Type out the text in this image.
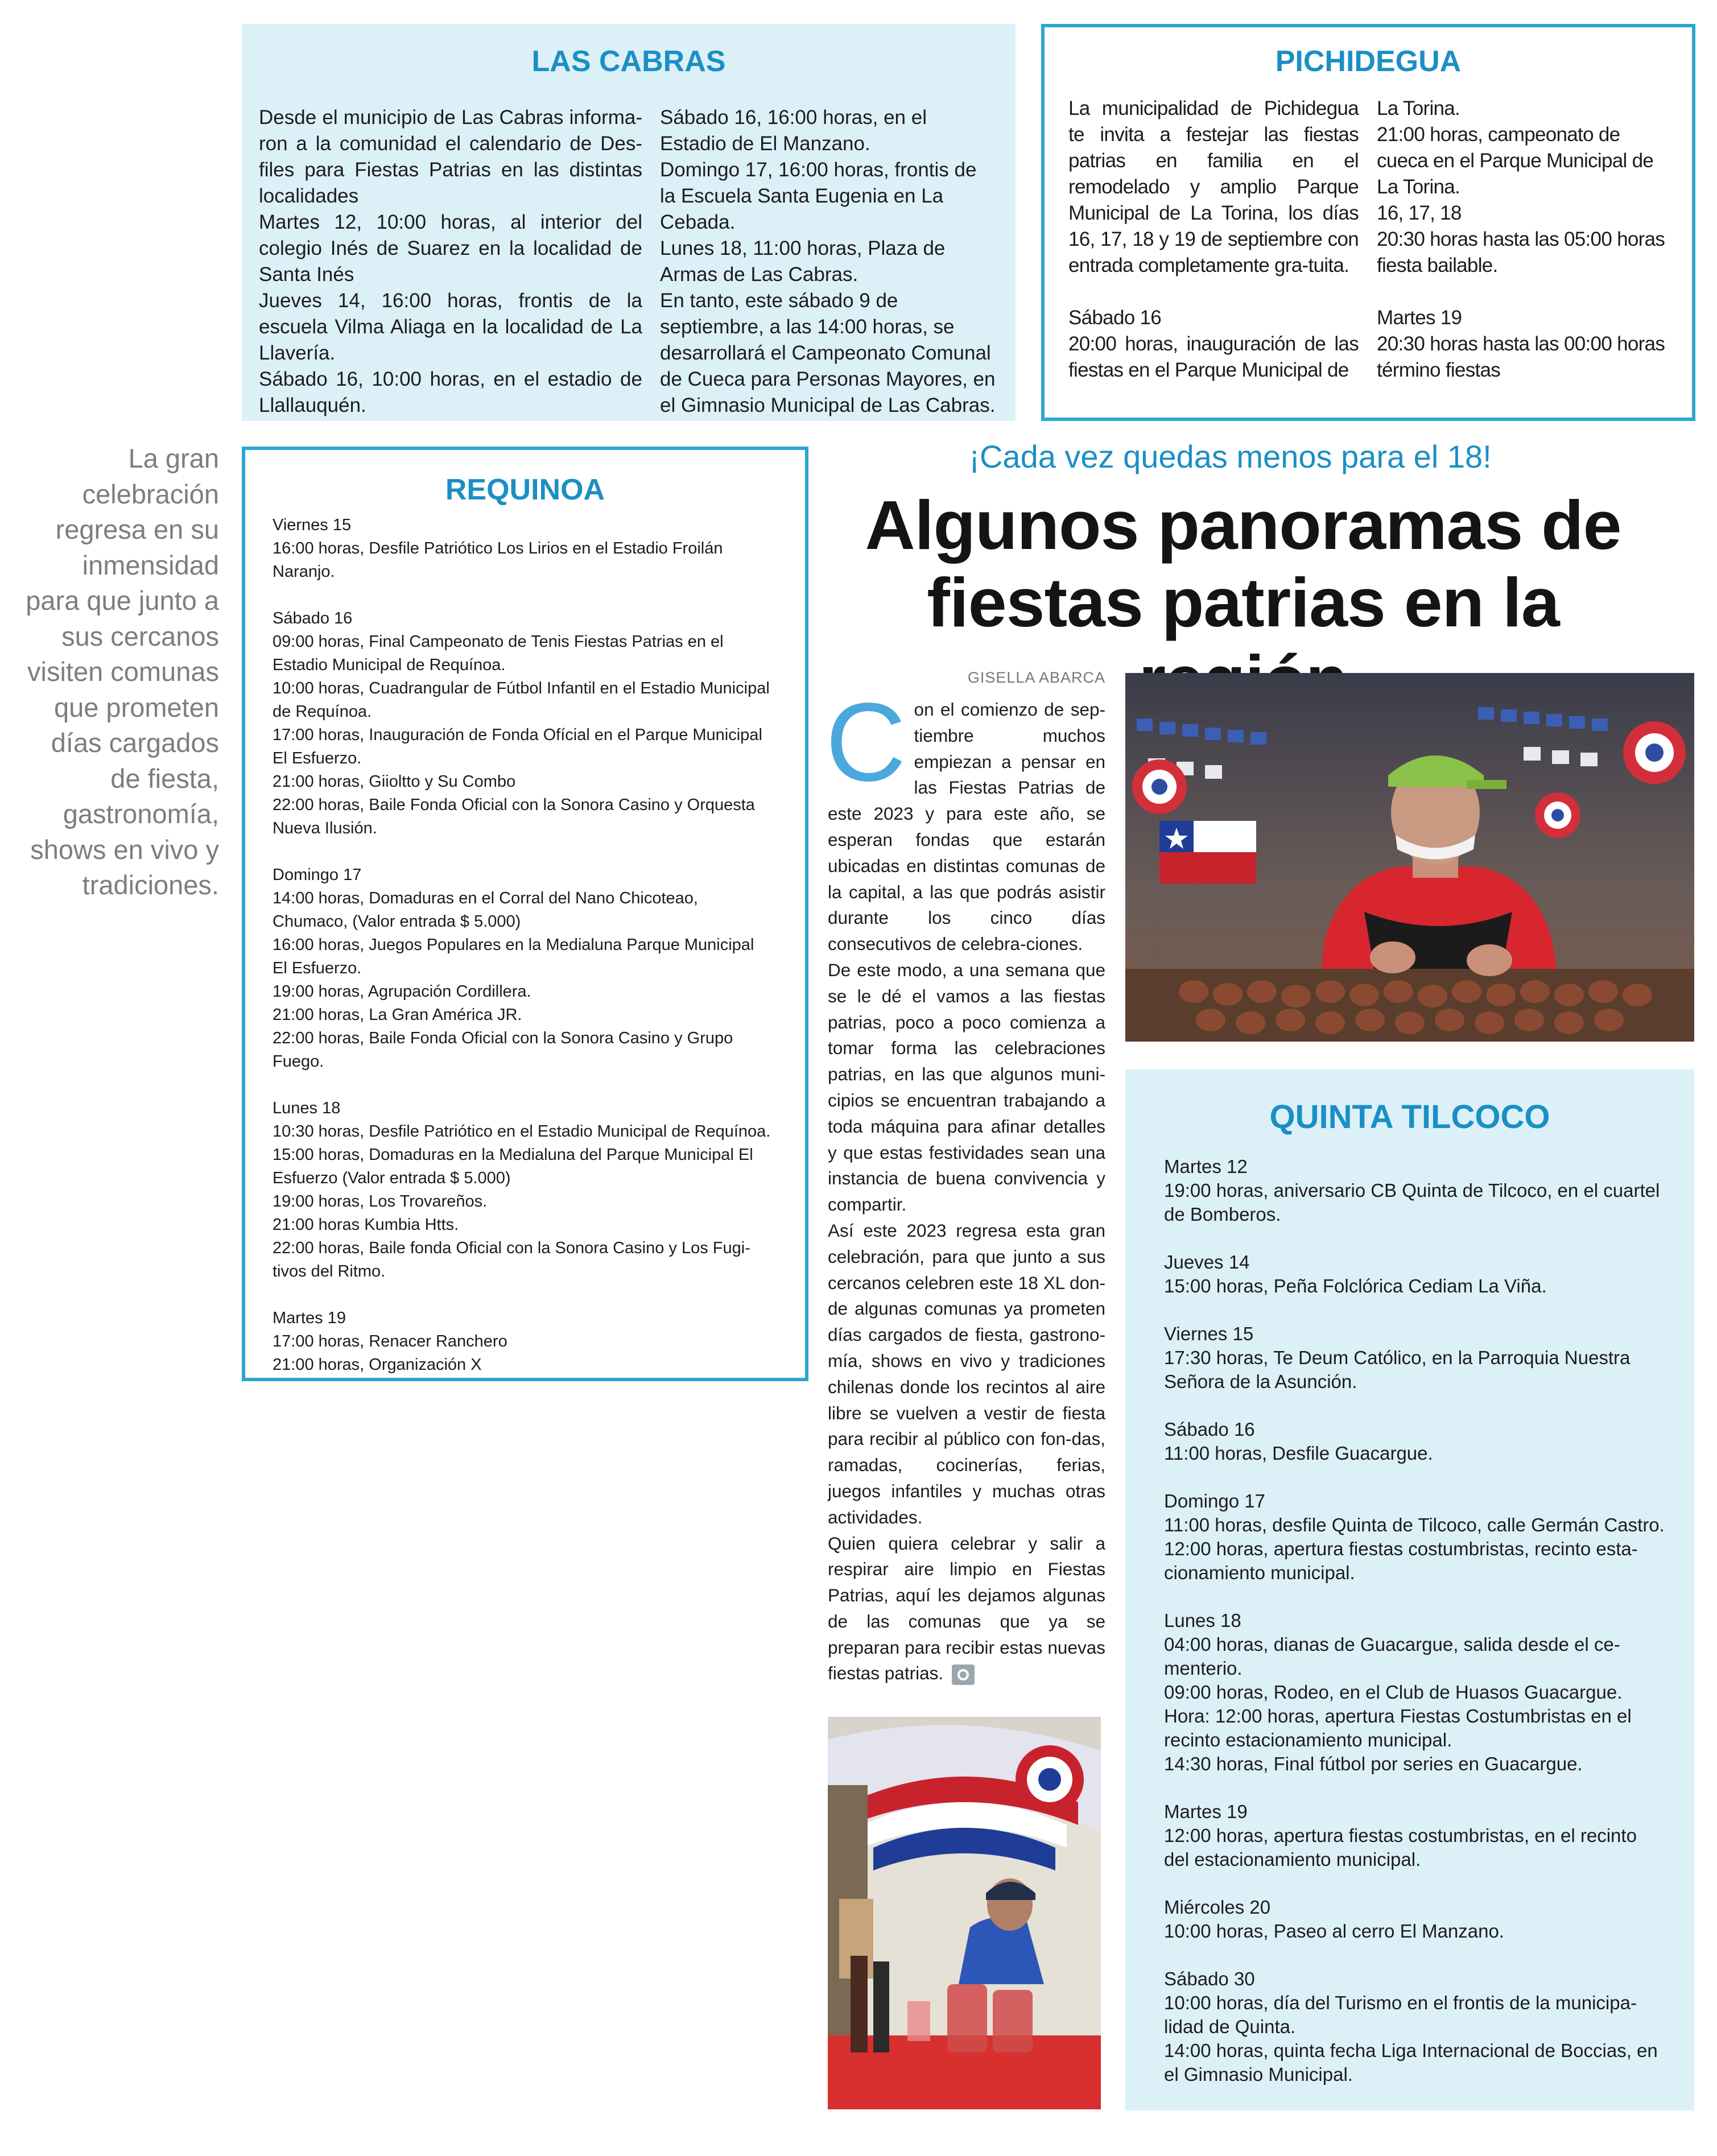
LAS CABRAS

Desde el municipio de Las Cabras informa-ron a la comunidad el calendario de Des-files para Fiestas Patrias en las distintas localidades

Martes 12, 10:00 horas, al interior del colegio Inés de Suarez en la localidad de Santa Inés

Jueves 14, 16:00 horas, frontis de la escuela Vilma Aliaga en la localidad de La Llavería.

Sábado 16, 10:00 horas, en el estadio de Llallauquén.

Sábado 16, 16:00 horas, en el Estadio de El Manzano.

Domingo 17, 16:00 horas, frontis de la Escuela Santa Eugenia en La Cebada.

Lunes 18, 11:00 horas, Plaza de Armas de Las Cabras.

En tanto, este sábado 9 de septiembre, a las 14:00 horas, se desarrollará el Campeonato Comunal de Cueca para Personas Mayores, en el Gimnasio Municipal de Las Cabras.

PICHIDEGUA

La municipalidad de Pichidegua te invita a festejar las fiestas patrias en familia en el remodelado y amplio Parque Municipal de La Torina, los días 16, 17, 18 y 19 de septiembre con entrada completamente gra-tuita.

Sábado 16

20:00 horas, inauguración de las fiestas en el Parque Municipal de

La Torina.

21:00 horas, campeonato de cueca en el Parque Municipal de La Torina.

16, 17, 18

20:30 horas hasta las 05:00 horas fiesta bailable.

Martes 19

20:30 horas hasta las 00:00 horas término fiestas

La gran celebración regresa en su inmensidad para que junto a sus cercanos visiten comunas que prometen días cargados de fiesta, gastronomía, shows en vivo y tradiciones.
REQUINOA

Viernes 15

16:00 horas, Desfile Patriótico Los Lirios en el Estadio Froilán Naranjo.

Sábado 16

09:00 horas, Final Campeonato de Tenis Fiestas Patrias en el Estadio Municipal de Requínoa.

10:00 horas, Cuadrangular de Fútbol Infantil en el Estadio Municipal de Requínoa.

17:00 horas, Inauguración de Fonda Ofícial en el Parque Municipal El Esfuerzo.

21:00 horas, Giioltto y Su Combo

22:00 horas, Baile Fonda Oficial con la Sonora Casino y Orquesta Nueva Ilusión.

Domingo 17

14:00 horas, Domaduras en el Corral del Nano Chicoteao, Chumaco, (Valor entrada $ 5.000)

16:00 horas, Juegos Populares en la Medialuna Parque Municipal El Esfuerzo.

19:00 horas, Agrupación Cordillera.

21:00 horas, La Gran América JR.

22:00 horas, Baile Fonda Oficial con la Sonora Casino y Grupo Fuego.

Lunes 18

10:30 horas, Desfile Patriótico en el Estadio Municipal de Requínoa.

15:00 horas, Domaduras en la Medialuna del Parque Municipal El Esfuerzo (Valor entrada $ 5.000)

19:00 horas, Los Trovareños.

21:00 horas Kumbia Htts.

22:00 horas, Baile fonda Oficial con la Sonora Casino y Los Fugi-tivos del Ritmo.

Martes 19

17:00 horas, Renacer Ranchero

21:00 horas, Organización X

¡Cada vez quedas menos para el 18!
Algunos panoramas de fiestas patrias en la
GISELLA ABARCA

Con el comienzo de sep-tiembre muchos empiezan a pensar en las Fiestas Patrias de este 2023 y para este año, se esperan fondas que estarán ubicadas en distintas comunas de la capital, a las que podrás asistir durante los cinco días consecutivos de celebra-ciones.

De este modo, a una semana que se le dé el vamos a las fiestas patrias, poco a poco comienza a tomar forma las celebraciones patrias, en las que algunos muni-cipios se encuentran trabajando a toda máquina para afinar detalles y que estas festividades sean una instancia de buena convivencia y compartir.

Así este 2023 regresa esta gran celebración, para que junto a sus cercanos celebren este 18 XL don-de algunas comunas ya prometen días cargados de fiesta, gastrono-mía, shows en vivo y tradiciones chilenas donde los recintos al aire libre se vuelven a vestir de fiesta para recibir al público con fon-das, ramadas, cocinerías, ferias, juegos infantiles y muchas otras actividades.

Quien quiera celebrar y salir a respirar aire limpio en Fiestas Patrias, aquí les dejamos algunas de las comunas que ya se preparan para recibir estas nuevas fiestas patrias.

QUINTA TILCOCO

Martes 12

19:00 horas, aniversario CB Quinta de Tilcoco, en el cuartel de Bomberos.

Jueves 14

15:00 horas, Peña Folclórica Cediam La Viña.

Viernes 15

17:30 horas, Te Deum Católico, en la Parroquia Nuestra Señora de la Asunción.

Sábado 16

11:00 horas, Desfile Guacargue.

Domingo 17

11:00 horas, desfile Quinta de Tilcoco, calle Germán Castro.

12:00 horas, apertura fiestas costumbristas, recinto esta-cionamiento municipal.

Lunes 18

04:00 horas, dianas de Guacargue, salida desde el ce-menterio.

09:00 horas, Rodeo, en el Club de Huasos Guacargue.

Hora: 12:00 horas, apertura Fiestas Costumbristas en el recinto estacionamiento municipal.

14:30 horas, Final fútbol por series en Guacargue.

Martes 19

12:00 horas, apertura fiestas costumbristas, en el recinto del estacionamiento municipal.

Miércoles 20

10:00 horas, Paseo al cerro El Manzano.

Sábado 30

10:00 horas, día del Turismo en el frontis de la municipa-lidad de Quinta.

14:00 horas, quinta fecha Liga Internacional de Boccias, en el Gimnasio Municipal.
